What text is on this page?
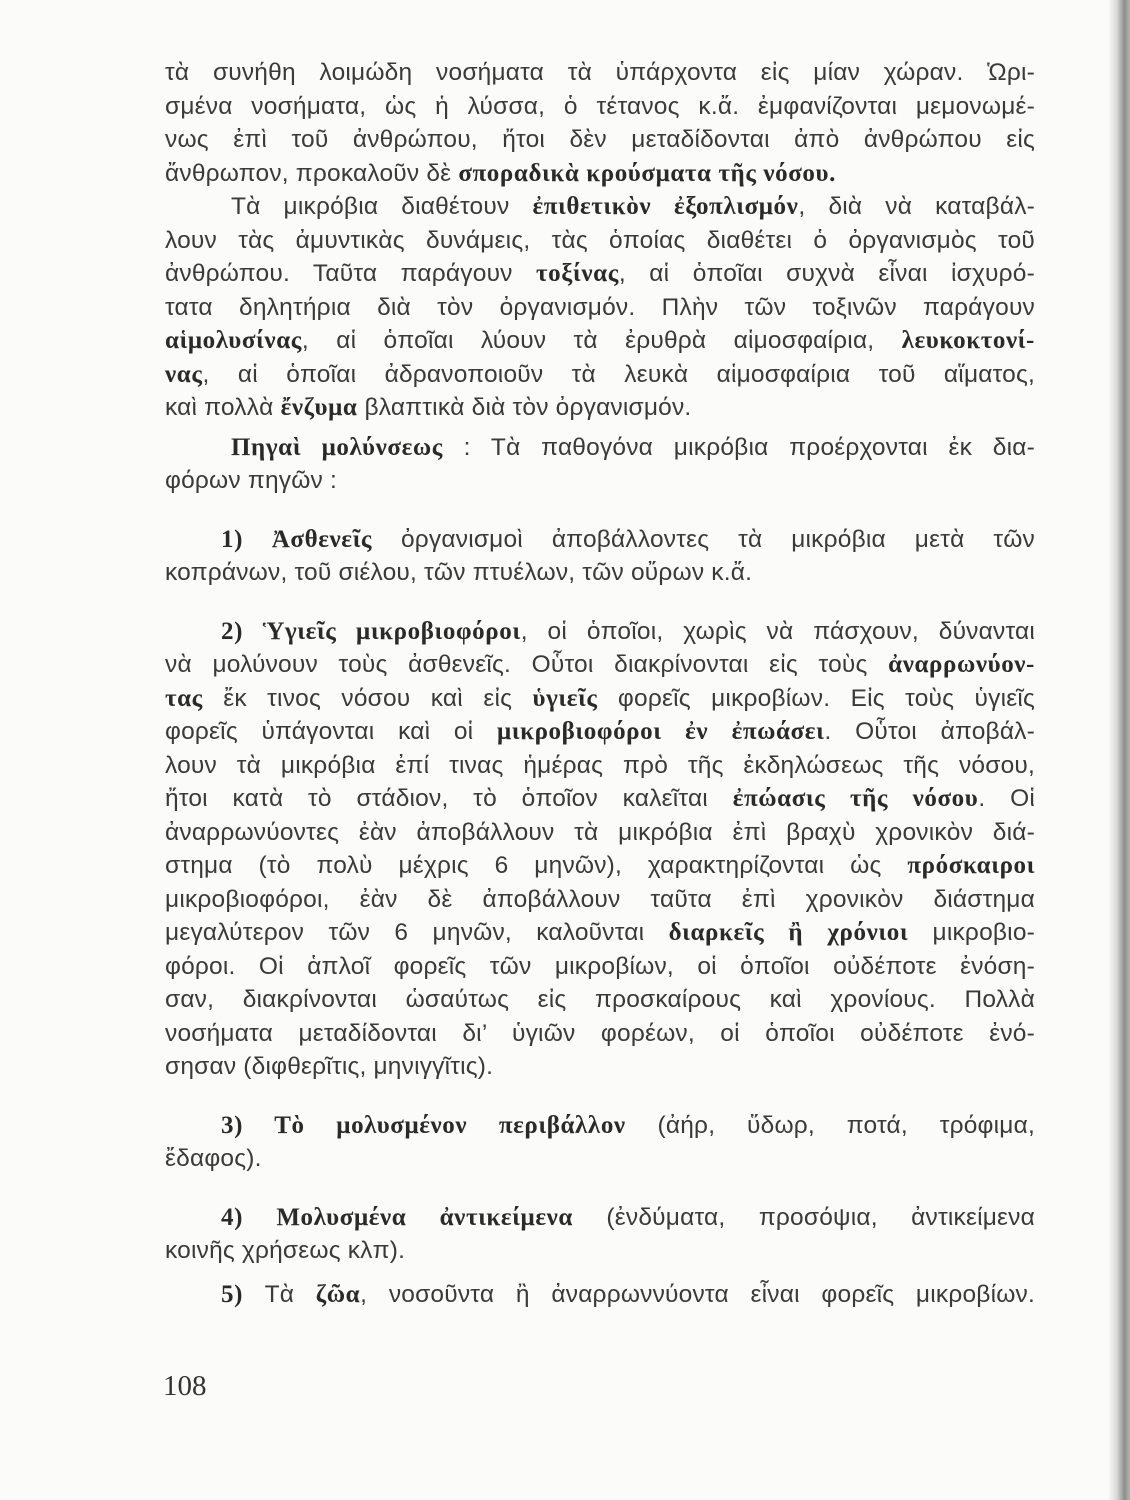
τὰ συνήθη λοιμώδη νοσήματα τὰ ὑπάρχοντα εἰς μίαν χώραν. Ὡρι-
σμένα νοσήματα, ὡς ἡ λύσσα, ὁ τέτανος κ.ἄ. ἐμφανίζονται μεμονωμέ-
νως ἐπὶ τοῦ ἀνθρώπου, ἤτοι δὲν μεταδίδονται ἀπὸ ἀνθρώπου εἰς
ἄνθρωπον, προκαλοῦν δὲ σποραδικὰ κρούσματα τῆς νόσου.
Τὰ μικρόβια διαθέτουν ἐπιθετικὸν ἐξοπλισμόν, διὰ νὰ καταβάλ-
λουν τὰς ἀμυντικὰς δυνάμεις, τὰς ὁποίας διαθέτει ὁ ὀργανισμὸς τοῦ
ἀνθρώπου. Ταῦτα παράγουν τοξίνας, αἱ ὁποῖαι συχνὰ εἶναι ἰσχυρό-
τατα δηλητήρια διὰ τὸν ὀργανισμόν. Πλὴν τῶν τοξινῶν παράγουν
αἱμολυσίνας, αἱ ὁποῖαι λύουν τὰ ἐρυθρὰ αἱμοσφαίρια, λευκοκτονί-
νας, αἱ ὁποῖαι ἀδρανοποιοῦν τὰ λευκὰ αἱμοσφαίρια τοῦ αἵματος,
καὶ πολλὰ ἔνζυμα βλαπτικὰ διὰ τὸν ὀργανισμόν.
Πηγαὶ μολύνσεως : Τὰ παθογόνα μικρόβια προέρχονται ἐκ δια-
φόρων πηγῶν :
1) Ἀσθενεῖς ὀργανισμοὶ ἀποβάλλοντες τὰ μικρόβια μετὰ τῶν
κοπράνων, τοῦ σιέλου, τῶν πτυέλων, τῶν οὔρων κ.ἄ.
2) Ὑγιεῖς μικροβιοφόροι, οἱ ὁποῖοι, χωρὶς νὰ πάσχουν, δύνανται
νὰ μολύνουν τοὺς ἀσθενεῖς. Οὗτοι διακρίνονται εἰς τοὺς ἀναρρωνύον-
τας ἔκ τινος νόσου καὶ εἰς ὑγιεῖς φορεῖς μικροβίων. Εἰς τοὺς ὑγιεῖς
φορεῖς ὑπάγονται καὶ οἱ μικροβιοφόροι ἐν ἐπωάσει. Οὗτοι ἀποβάλ-
λουν τὰ μικρόβια ἐπί τινας ἡμέρας πρὸ τῆς ἐκδηλώσεως τῆς νόσου,
ἤτοι κατὰ τὸ στάδιον, τὸ ὁποῖον καλεῖται ἐπώασις τῆς νόσου. Οἱ
ἀναρρωνύοντες ἐὰν ἀποβάλλουν τὰ μικρόβια ἐπὶ βραχὺ χρονικὸν διά-
στημα (τὸ πολὺ μέχρις 6 μηνῶν), χαρακτηρίζονται ὡς πρόσκαιροι
μικροβιοφόροι, ἐὰν δὲ ἀποβάλλουν ταῦτα ἐπὶ χρονικὸν διάστημα
μεγαλύτερον τῶν 6 μηνῶν, καλοῦνται διαρκεῖς ἢ χρόνιοι μικροβιο-
φόροι. Οἱ ἁπλοῖ φορεῖς τῶν μικροβίων, οἱ ὁποῖοι οὐδέποτε ἐνόση-
σαν, διακρίνονται ὡσαύτως εἰς προσκαίρους καὶ χρονίους. Πολλὰ
νοσήματα μεταδίδονται δι’ ὑγιῶν φορέων, οἱ ὁποῖοι οὐδέποτε ἐνό-
σησαν (διφθερῖτις, μηνιγγῖτις).
3) Τὸ μολυσμένον περιβάλλον (ἀήρ, ὕδωρ, ποτά, τρόφιμα,
ἔδαφος).
4) Μολυσμένα ἀντικείμενα (ἐνδύματα, προσόψια, ἀντικείμενα
κοινῆς χρήσεως κλπ).
5) Τὰ ζῶα, νοσοῦντα ἢ ἀναρρωννύοντα εἶναι φορεῖς μικροβίων.
108
